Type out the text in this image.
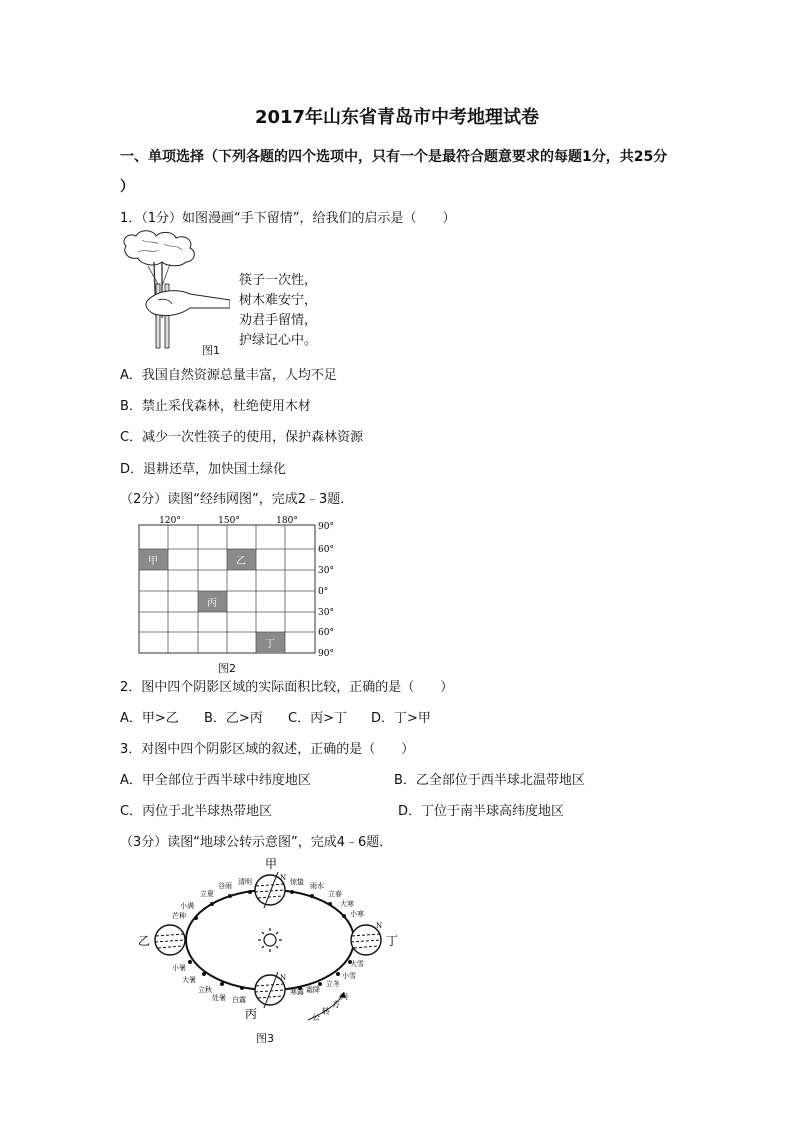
2017年山东省青岛市中考地理试卷
一、单项选择（下列各题的四个选项中，只有一个是最符合题意要求的每题1分，共25分
）
1．（1分）如图漫画“手下留情”，给我们的启示是（　　）
筷子一次性，
树木难安宁，
劝君手留情，
护绿记心中。
图1
A．我国自然资源总量丰富，人均不足
B．禁止采伐森林，杜绝使用木材
C．减少一次性筷子的使用，保护森林资源
D．退耕还草，加快国土绿化
（2分）读图“经纬网图”，完成2﹣3题．
甲	乙
丙
丁
120°	150°	180°
90°
60°
30°
0°
30°
60°
90°
图2
2．图中四个阴影区域的实际面积比较，正确的是（　　）
A．甲>乙 B．乙>丙 C．丙>丁 D．丁>甲
3．对图中四个阴影区域的叙述，正确的是（　　）
A．甲全部位于西半球中纬度地区	B．乙全部位于西半球北温带地区
C．丙位于北半球热带地区	D．丁位于南半球高纬度地区
（3分）读图“地球公转示意图”，完成4﹣6题．
甲
乙
丙
丁
N
N
N
立夏
谷雨 清明	惊蛰 雨水
立春
小满
芒种
大寒
小寒
小暑
大暑
立秋
处暑 白露
寒露 霜降
立冬
小雪
大雪
公
转
方
向
图3
